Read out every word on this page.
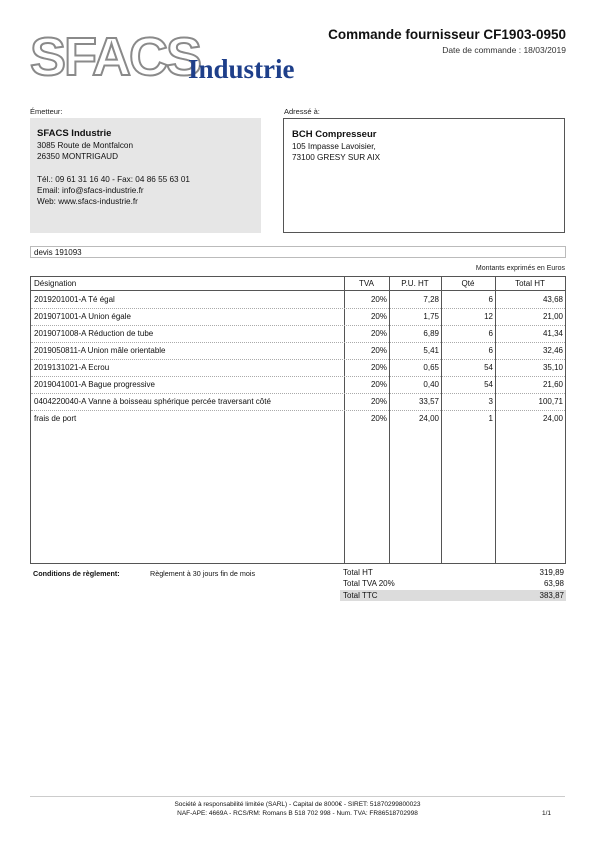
SFACS
Industrie
Commande fournisseur CF1903-0950
Date de commande : 18/03/2019
Émetteur:	Adressé à:
SFACS Industrie
3085 Route de Montfalcon
26350 MONTRIGAUD
Tél.: 09 61 31 16 40 - Fax: 04 86 55 63 01
Email: info@sfacs-industrie.fr
Web: www.sfacs-industrie.fr
BCH Compresseur
105 Impasse Lavoisier,
73100 GRESY SUR AIX
devis 191093
Montants exprimés en Euros
Désignation	TVA	P.U. HT	Qté	Total HT
2019201001-A Té égal	20%	7,28	6	43,68
2019071001-A Union égale	20%	1,75	12	21,00
2019071008-A Réduction de tube	20%	6,89	6	41,34
2019050811-A Union mâle orientable	20%	5,41	6	32,46
2019131021-A Ecrou	20%	0,65	54	35,10
2019041001-A Bague progressive	20%	0,40	54	21,60
0404220040-A Vanne à boisseau sphérique percée traversant côté	20%	33,57	3	100,71
frais de port	20%	24,00	1	24,00
Conditions de règlement:	Règlement à 30 jours fin de mois	Total HT	319,89
Total TVA 20%	63,98
Total TTC	383,87
Société à responsabilité limitée (SARL) - Capital de 8000€ - SIRET: 51870299800023
NAF-APE: 4669A - RCS/RM: Romans B 518 702 998 - Num. TVA: FR86518702998	1/1
